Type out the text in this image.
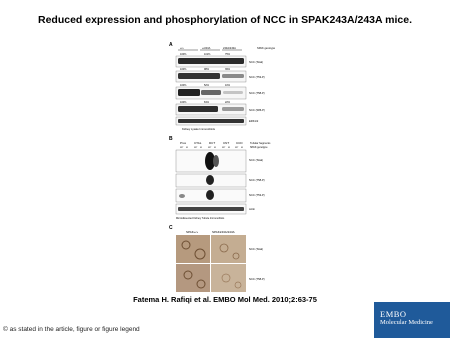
Reduced expression and phosphorylation of NCC in SPAK243A/243A mice.
A
+/+	+/243A	243A/243A	SPAK genotype
100%	101%	75%
NCC (Total)
100%	98%	39%
NCC (T53-P)
100%	52%	10%
NCC (T58-P)
100%	81%	22%
NCC (S86-P)
ERK1/2
Kidney Lysate Immunoblots
B
Prox	CTAL	DCT	CNT CCD	Tubular Segments
SPAK genotype
WT KI	WT KI	WT KI	WT KI WT KI
NCC (Total)
NCC (T58-P)
NCC (T53-P)
Actin
Microdissected Kidney Tubule Immunoblots
C
SPAK+/+	SPAK243A/243A
NCC (Total)
NCC (T58-P)
Fatema H. Rafiqi et al. EMBO Mol Med. 2010;2:63-75
© as stated in the article, figure or figure legend
EMBO
Molecular Medicine
